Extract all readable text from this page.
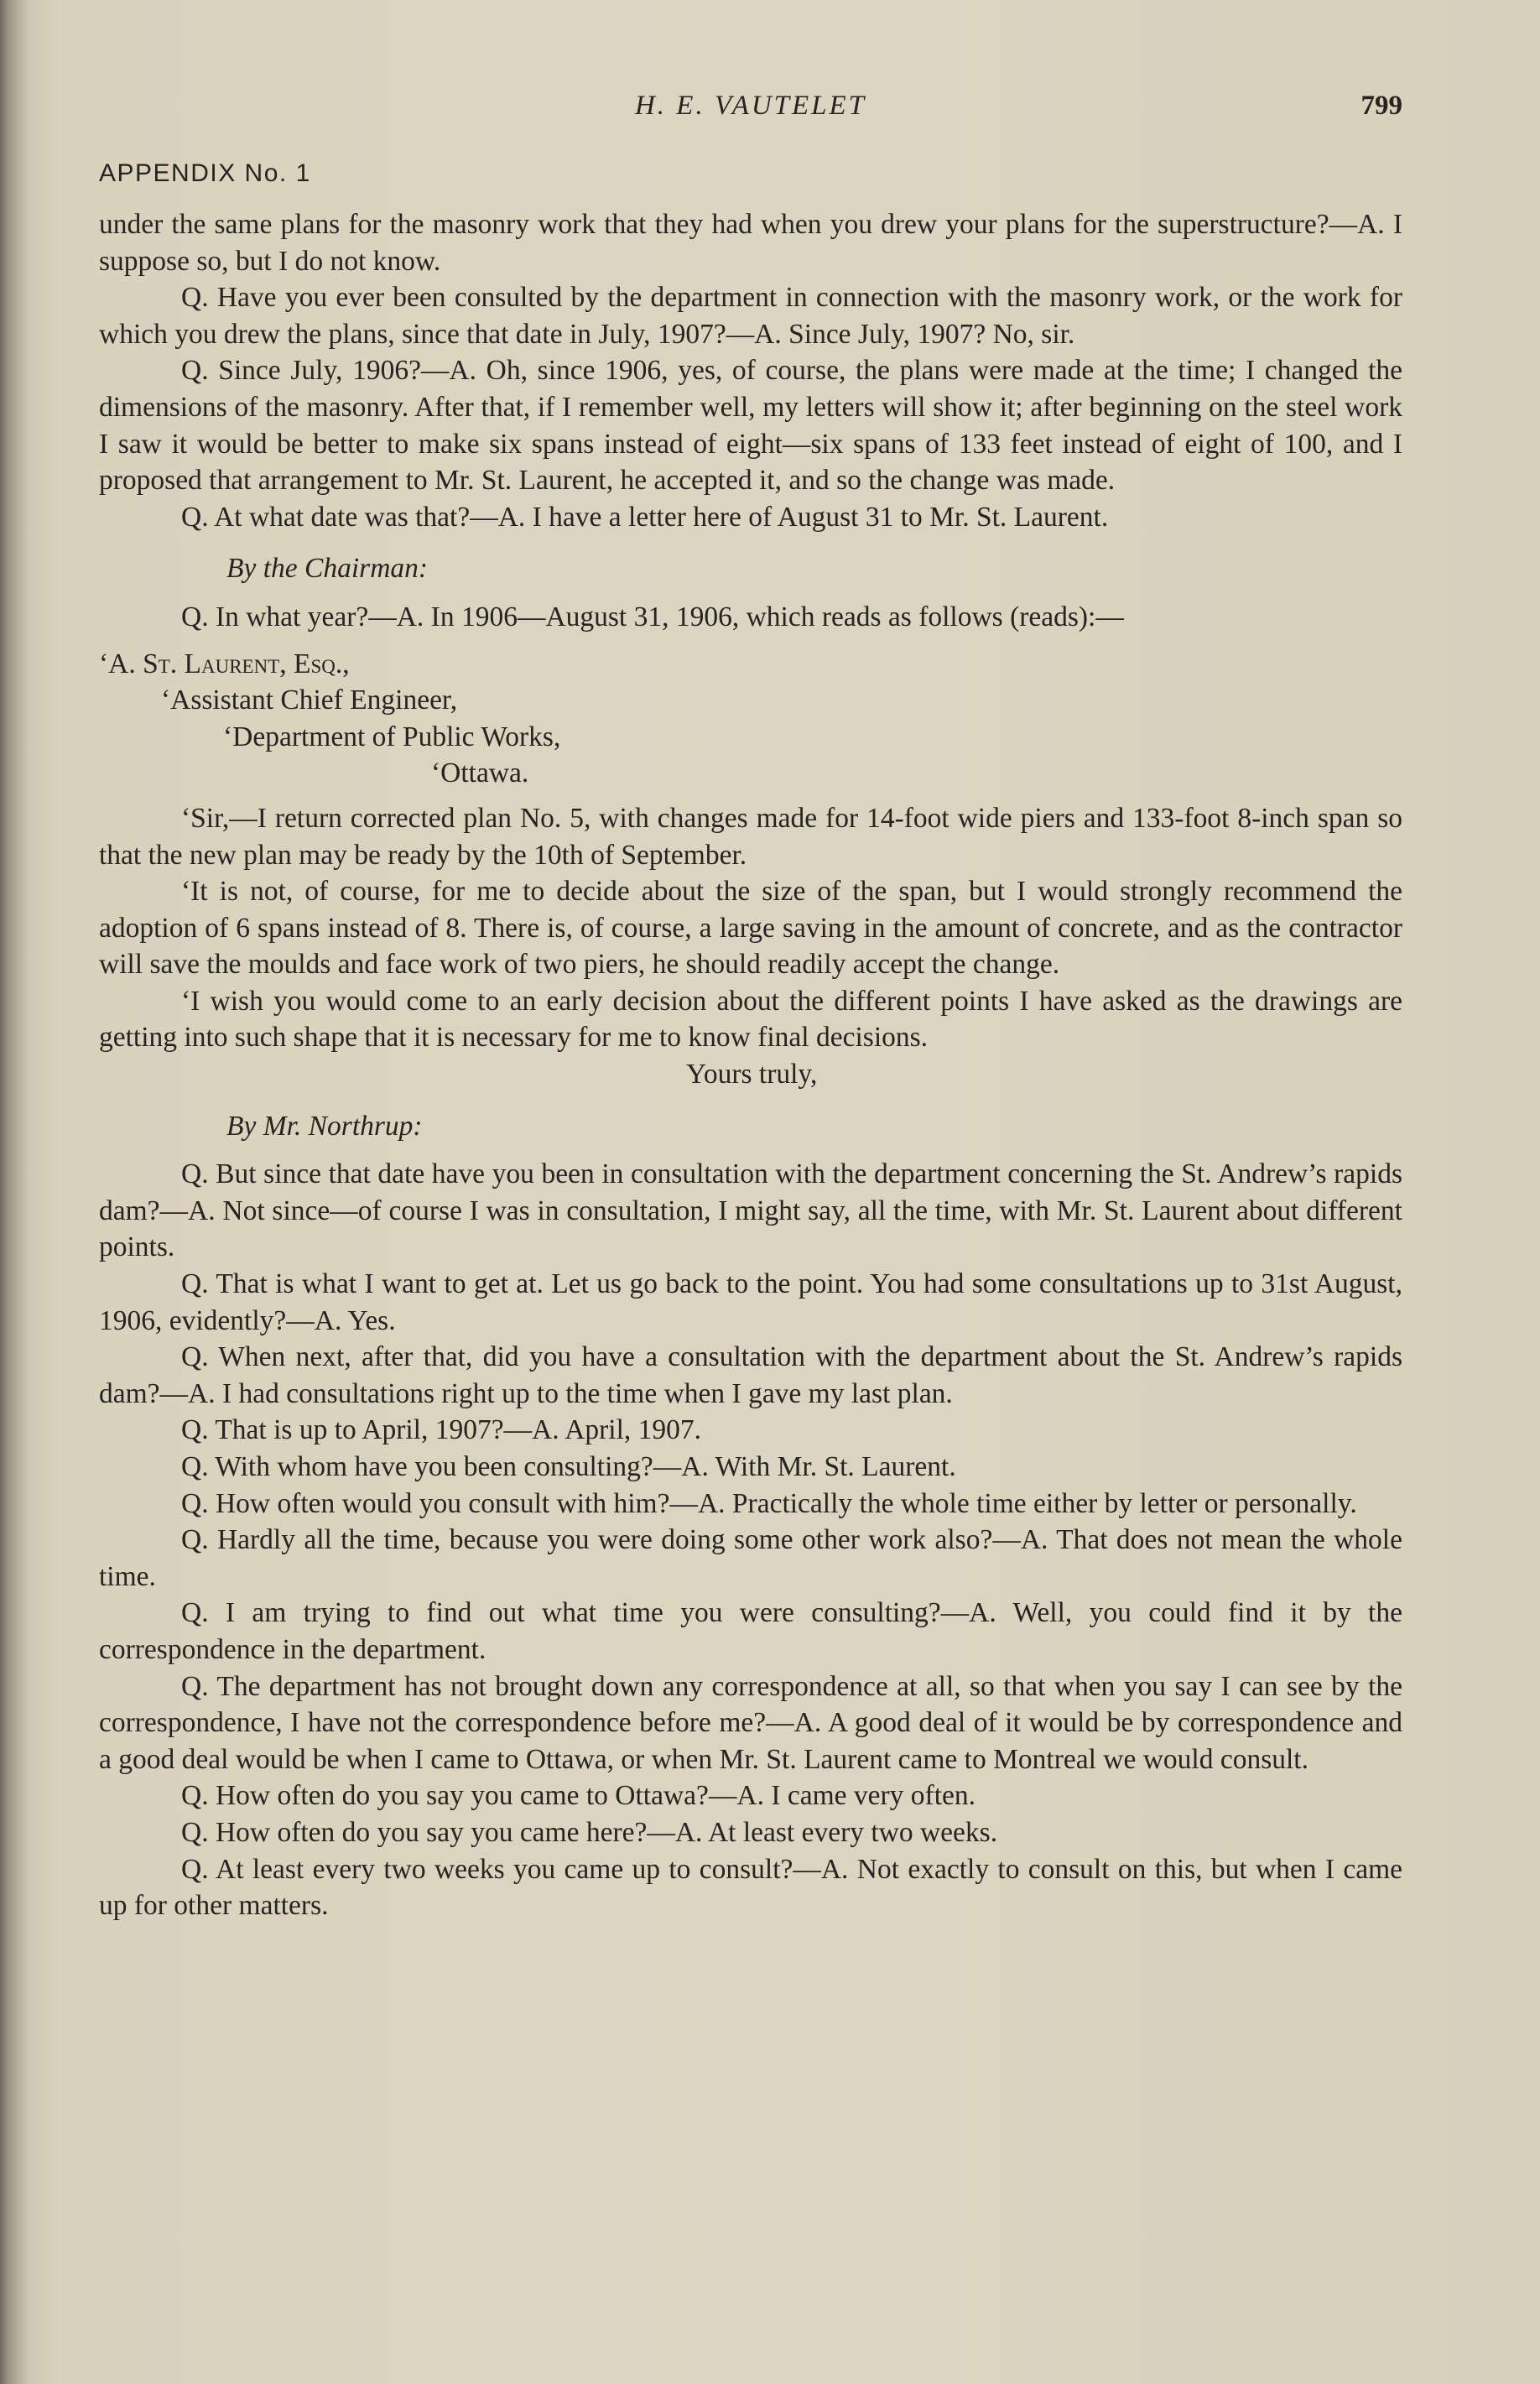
H. E. VAUTELET	799
APPENDIX No. 1

under the same plans for the masonry work that they had when you drew your plans for the superstructure?—A. I suppose so, but I do not know.

Q. Have you ever been consulted by the department in connection with the masonry work, or the work for which you drew the plans, since that date in July, 1907?—A. Since July, 1907? No, sir.

Q. Since July, 1906?—A. Oh, since 1906, yes, of course, the plans were made at the time; I changed the dimensions of the masonry. After that, if I remember well, my letters will show it; after beginning on the steel work I saw it would be better to make six spans instead of eight—six spans of 133 feet instead of eight of 100, and I proposed that arrangement to Mr. St. Laurent, he accepted it, and so the change was made.

Q. At what date was that?—A. I have a letter here of August 31 to Mr. St. Laurent.

By the Chairman:

Q. In what year?—A. In 1906—August 31, 1906, which reads as follows (reads):—

‘A. St. Laurent, Esq.,

‘Assistant Chief Engineer,

‘Department of Public Works,

‘Ottawa.

‘Sir,—I return corrected plan No. 5, with changes made for 14-foot wide piers and 133-foot 8-inch span so that the new plan may be ready by the 10th of September.

‘It is not, of course, for me to decide about the size of the span, but I would strongly recommend the adoption of 6 spans instead of 8. There is, of course, a large saving in the amount of concrete, and as the contractor will save the moulds and face work of two piers, he should readily accept the change.

‘I wish you would come to an early decision about the different points I have asked as the drawings are getting into such shape that it is necessary for me to know final decisions.

Yours truly,

By Mr. Northrup:

Q. But since that date have you been in consultation with the department concerning the St. Andrew’s rapids dam?—A. Not since—of course I was in consultation, I might say, all the time, with Mr. St. Laurent about different points.

Q. That is what I want to get at. Let us go back to the point. You had some consultations up to 31st August, 1906, evidently?—A. Yes.

Q. When next, after that, did you have a consultation with the department about the St. Andrew’s rapids dam?—A. I had consultations right up to the time when I gave my last plan.

Q. That is up to April, 1907?—A. April, 1907.

Q. With whom have you been consulting?—A. With Mr. St. Laurent.

Q. How often would you consult with him?—A. Practically the whole time either by letter or personally.

Q. Hardly all the time, because you were doing some other work also?—A. That does not mean the whole time.

Q. I am trying to find out what time you were consulting?—A. Well, you could find it by the correspondence in the department.

Q. The department has not brought down any correspondence at all, so that when you say I can see by the correspondence, I have not the correspondence before me?—A. A good deal of it would be by correspondence and a good deal would be when I came to Ottawa, or when Mr. St. Laurent came to Montreal we would consult.

Q. How often do you say you came to Ottawa?—A. I came very often.

Q. How often do you say you came here?—A. At least every two weeks.

Q. At least every two weeks you came up to consult?—A. Not exactly to consult on this, but when I came up for other matters.
